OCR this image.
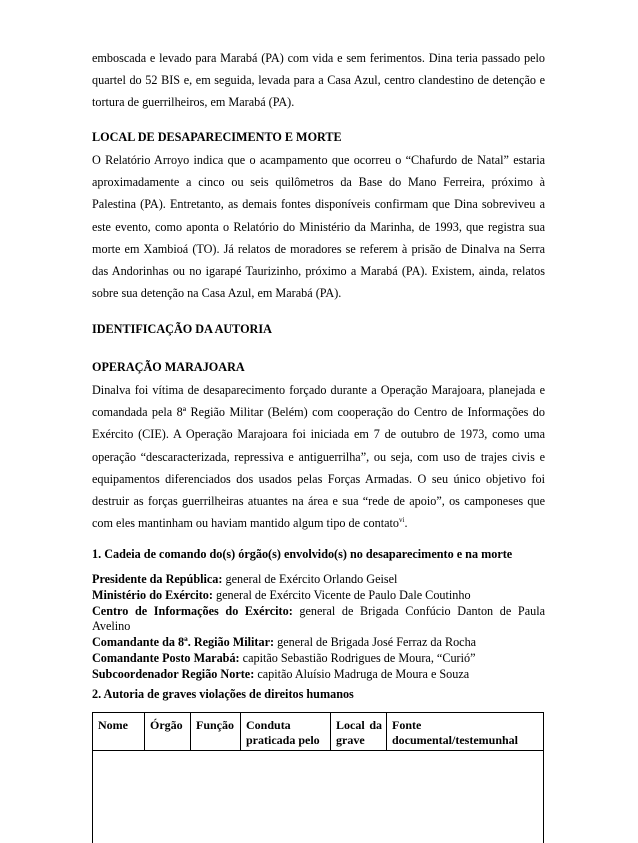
emboscada e levado para Marabá (PA) com vida e sem ferimentos. Dina teria passado pelo quartel do 52 BIS e, em seguida, levada para a Casa Azul, centro clandestino de detenção e tortura de guerrilheiros, em Marabá (PA).

LOCAL DE DESAPARECIMENTO E MORTE

O Relatório Arroyo indica que o acampamento que ocorreu o “Chafurdo de Natal” estaria aproximadamente a cinco ou seis quilômetros da Base do Mano Ferreira, próximo à Palestina (PA). Entretanto, as demais fontes disponíveis confirmam que Dina sobreviveu a este evento, como aponta o Relatório do Ministério da Marinha, de 1993, que registra sua morte em Xambioá (TO). Já relatos de moradores se referem à prisão de Dinalva na Serra das Andorinhas ou no igarapé Taurizinho, próximo a Marabá (PA). Existem, ainda, relatos sobre sua detenção na Casa Azul, em Marabá (PA).

IDENTIFICAÇÃO DA AUTORIA
OPERAÇÃO MARAJOARA

Dinalva foi vítima de desaparecimento forçado durante a Operação Marajoara, planejada e comandada pela 8ª Região Militar (Belém) com cooperação do Centro de Informações do Exército (CIE). A Operação Marajoara foi iniciada em 7 de outubro de 1973, como uma operação “descaracterizada, repressiva e antiguerrilha”, ou seja, com uso de trajes civis e equipamentos diferenciados dos usados pelas Forças Armadas. O seu único objetivo foi destruir as forças guerrilheiras atuantes na área e sua “rede de apoio”, os camponeses que com eles mantinham ou haviam mantido algum tipo de contato$^{vi}$.

1. Cadeia de comando do(s) órgão(s) envolvido(s) no desaparecimento e na morte
Presidente da República: general de Exército Orlando Geisel
Ministério do Exército: general de Exército Vicente de Paulo Dale Coutinho
Centro de Informações do Exército: general de Brigada Confúcio Danton de Paula Avelino
Comandante da 8ª. Região Militar: general de Brigada José Ferraz da Rocha
Comandante Posto Marabá: capitão Sebastião Rodrigues de Moura, “Curió”
Subcoordenador Região Norte: capitão Aluísio Madruga de Moura e Souza
2. Autoria de graves violações de direitos humanos
Nome	Órgão	Função	Conduta praticada pelo	Local da grave	Fonte documental/testemunhal
